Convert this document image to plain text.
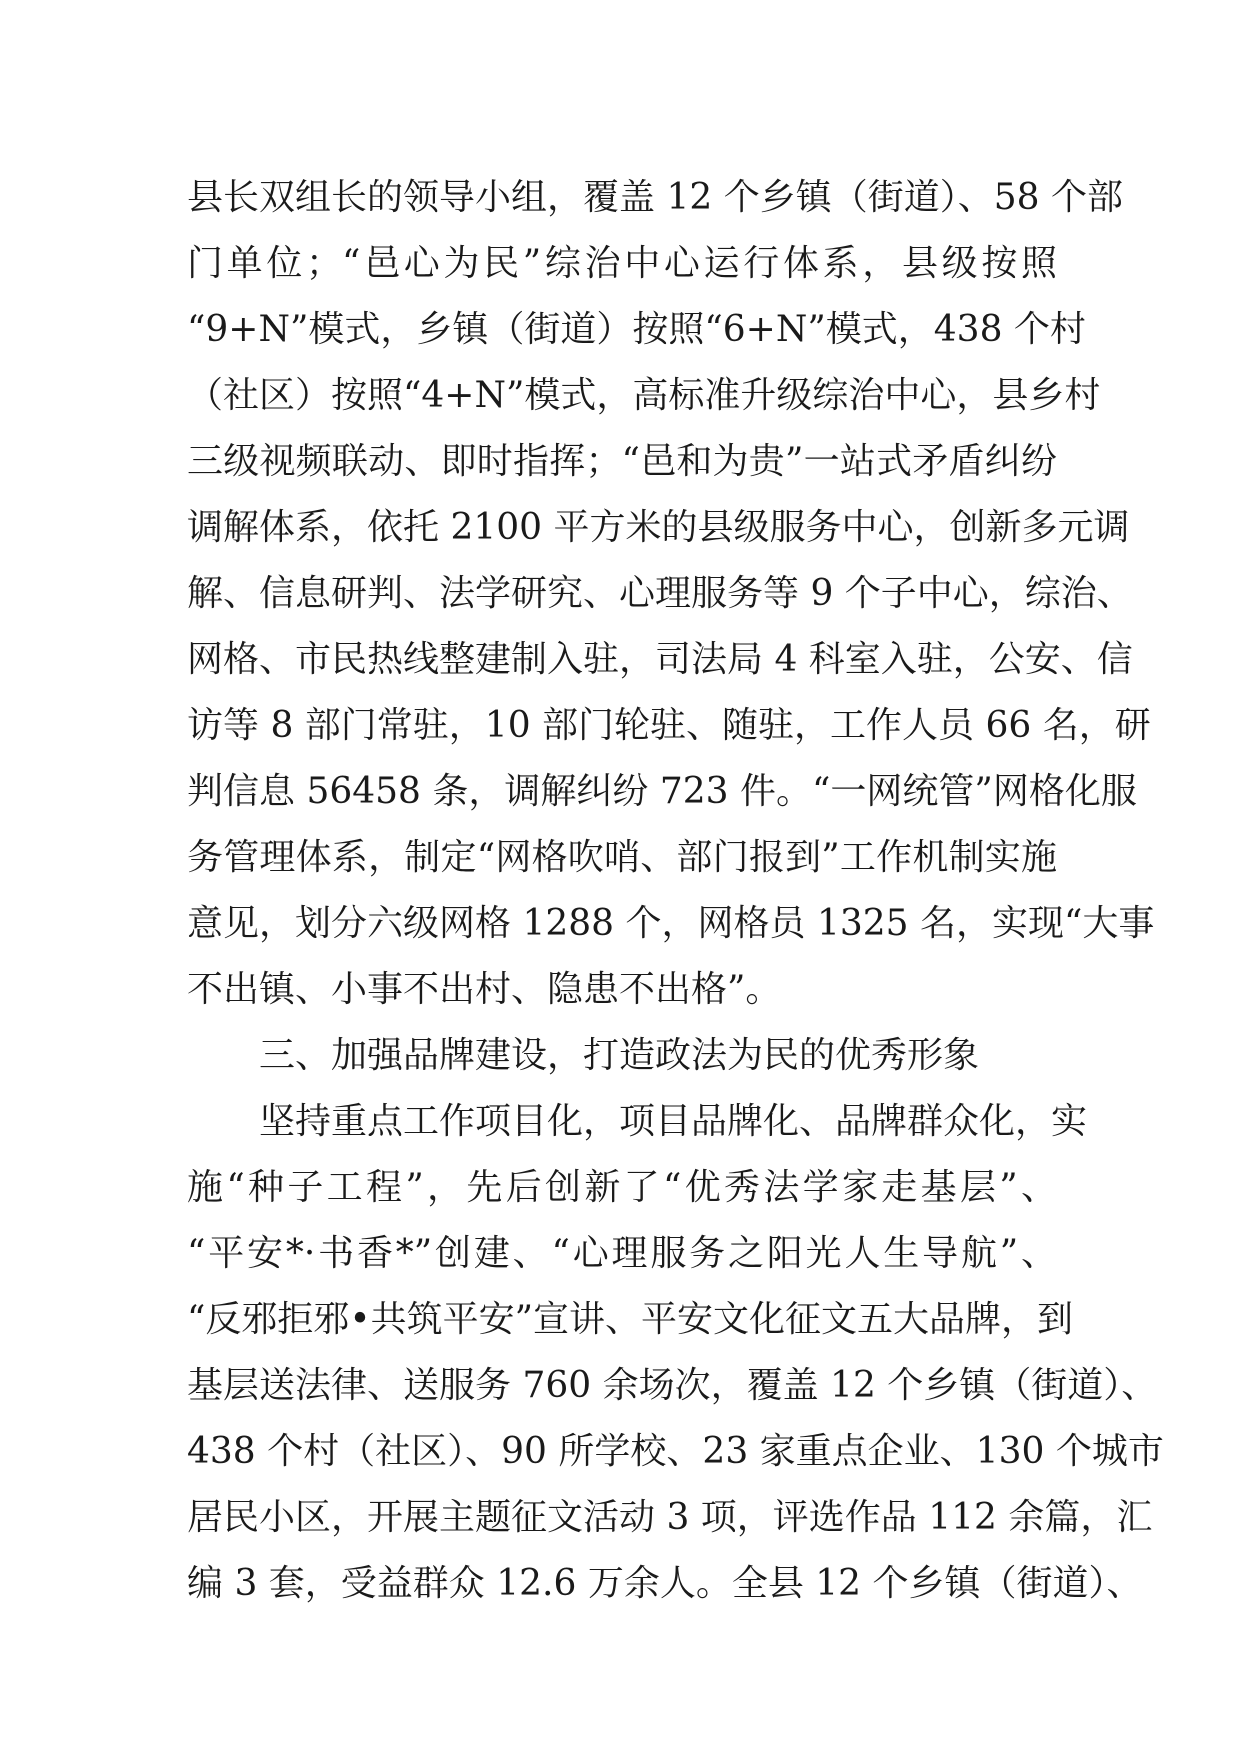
县长双组长的领导小组，覆盖 12 个乡镇（街道）、58 个部
门单位；“邑心为民”综治中心运行体系，县级按照
“9+N”模式，乡镇（街道）按照“6+N”模式，438 个村
（社区）按照“4+N”模式，高标准升级综治中心，县乡村
三级视频联动、即时指挥；“邑和为贵”一站式矛盾纠纷
调解体系，依托 2100 平方米的县级服务中心，创新多元调
解、信息研判、法学研究、心理服务等 9 个子中心，综治、
网格、市民热线整建制入驻，司法局 4 科室入驻，公安、信
访等 8 部门常驻，10 部门轮驻、随驻，工作人员 66 名，研
判信息 56458 条，调解纠纷 723 件。“一网统管”网格化服
务管理体系，制定“网格吹哨、部门报到”工作机制实施
意见，划分六级网格 1288 个，网格员 1325 名，实现“大事
不出镇、小事不出村、隐患不出格”。
三、加强品牌建设，打造政法为民的优秀形象
坚持重点工作项目化，项目品牌化、品牌群众化，实
施“种子工程”，先后创新了“优秀法学家走基层”、
“平安*·书香*”创建、“心理服务之阳光人生导航”、
“反邪拒邪•共筑平安”宣讲、平安文化征文五大品牌，到
基层送法律、送服务 760 余场次，覆盖 12 个乡镇（街道）、
438 个村（社区）、90 所学校、23 家重点企业、130 个城市
居民小区，开展主题征文活动 3 项，评选作品 112 余篇，汇
编 3 套，受益群众 12.6 万余人。全县 12 个乡镇（街道）、
